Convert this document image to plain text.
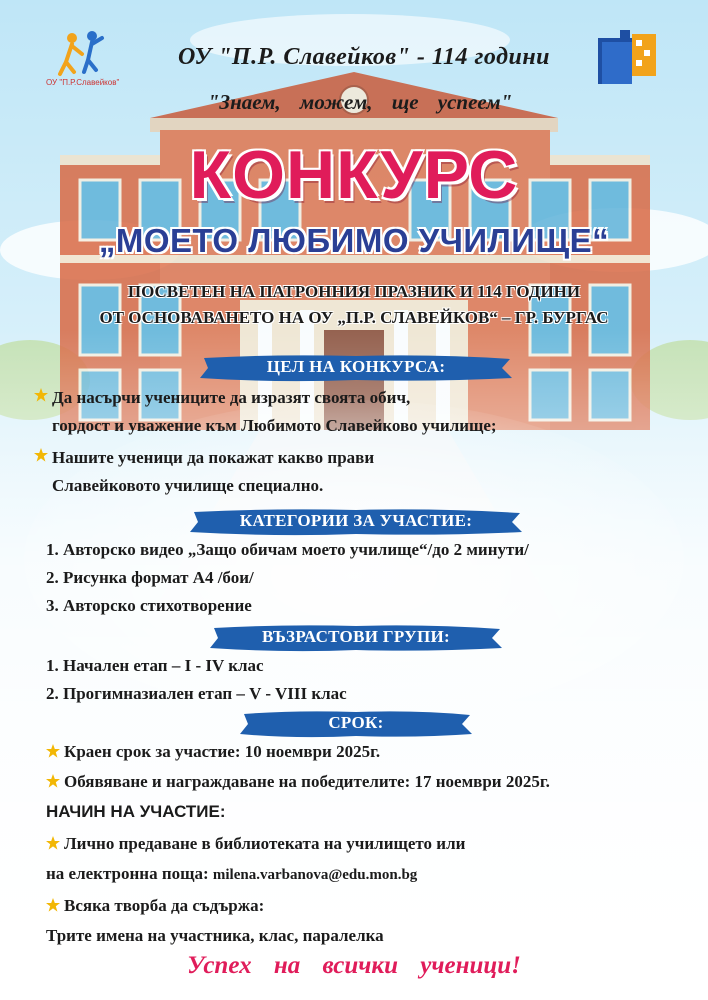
ОУ "П.Р.Славейков"
ОУ "П.Р. Славейков" - 114 години
"Знаем, можем, ще успеем"
КОНКУРС
„МОЕТО ЛЮБИМО УЧИЛИЩЕ“
ПОСВЕТЕН НА ПАТРОННИЯ ПРАЗНИК И 114 ГОДИНИ
ОТ ОСНОВАВАНЕТО НА ОУ „П.Р. СЛАВЕЙКОВ“ – ГР. БУРГАС
ЦЕЛ НА КОНКУРСА:
Да насърчи учениците да изразят своята обич,
гордост и уважение към Любимото Славейково училище;
Нашите ученици да покажат какво прави
Славейковото училище специално.
КАТЕГОРИИ ЗА УЧАСТИЕ:
1. Авторско видео „Защо обичам моето училище“/до 2 минути/
2. Рисунка формат А4 /бои/
3. Авторско стихотворение
ВЪЗРАСТОВИ ГРУПИ:
1. Начален етап – I - IV клас
2. Прогимназиален етап – V - VIII клас
СРОК:
Краен срок за участие: 10 ноември 2025г.
Обявяване и награждаване на победителите: 17 ноември 2025г.
НАЧИН НА УЧАСТИЕ:
Лично предаване в библиотеката на училището или
на електронна поща: milena.varbanova@edu.mon.bg
Всяка творба да съдържа:
Трите имена на участника, клас, паралелка
Успех на всички ученици!
